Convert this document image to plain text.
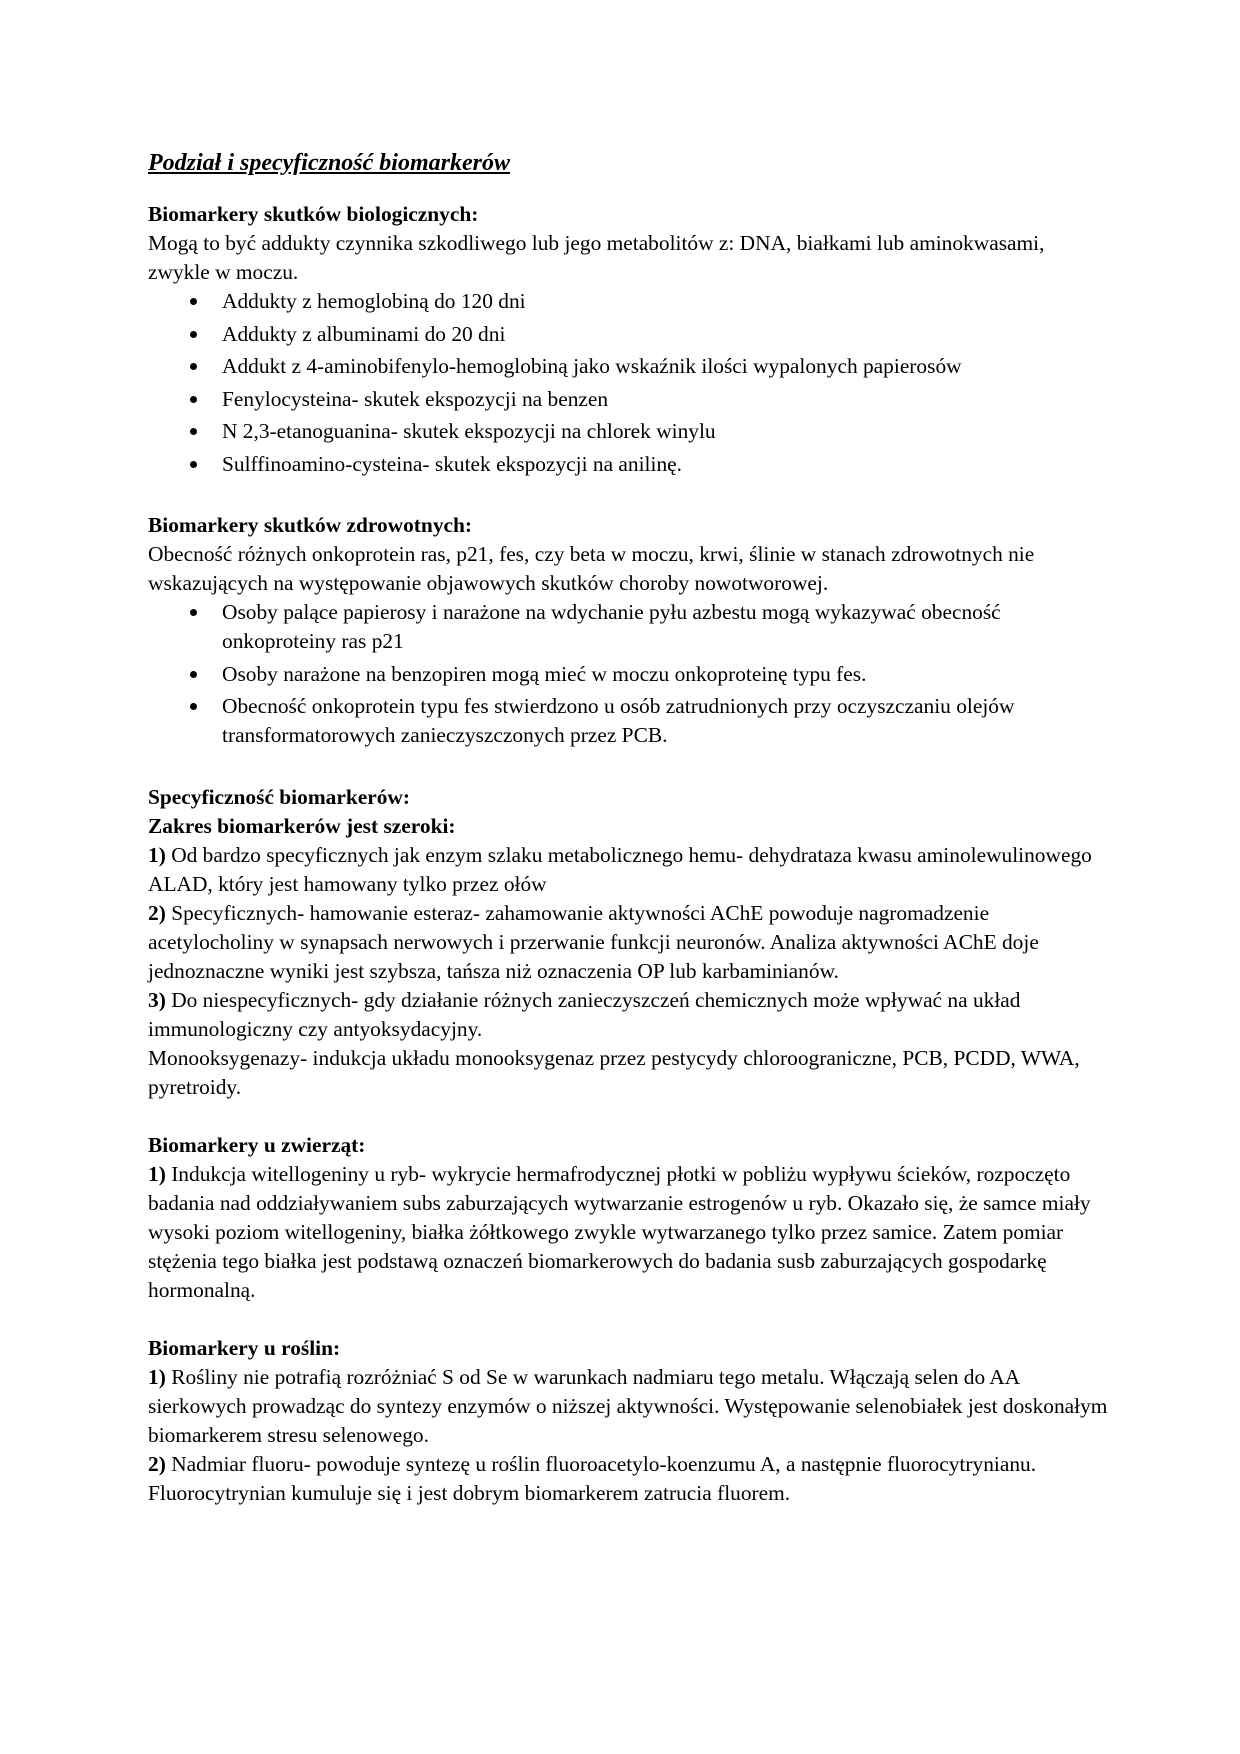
Podział i specyficzność biomarkerów

Biomarkery skutków biologicznych:

Mogą to być addukty czynnika szkodliwego lub jego metabolitów z: DNA, białkami lub aminokwasami, zwykle w moczu.

Addukty z hemoglobiną do 120 dni
Addukty z albuminami do 20 dni
Addukt z 4-aminobifenylo-hemoglobiną jako wskaźnik ilości wypalonych papierosów
Fenylocysteina- skutek ekspozycji na benzen
N 2,3-etanoguanina- skutek ekspozycji na chlorek winylu
Sulffinoamino-cysteina- skutek ekspozycji na anilinę.

Biomarkery skutków zdrowotnych:

Obecność różnych onkoprotein ras, p21, fes, czy beta w moczu, krwi, ślinie w stanach zdrowotnych nie wskazujących na występowanie objawowych skutków choroby nowotworowej.

Osoby palące papierosy i narażone na wdychanie pyłu azbestu mogą wykazywać obecność onkoproteiny ras p21
Osoby narażone na benzopiren mogą mieć w moczu onkoproteinę typu fes.
Obecność onkoprotein typu fes stwierdzono u osób zatrudnionych przy oczyszczaniu olejów transformatorowych zanieczyszczonych przez PCB.

Specyficzność biomarkerów:

Zakres biomarkerów jest szeroki:

1) Od bardzo specyficznych jak enzym szlaku metabolicznego hemu- dehydrataza kwasu aminolewulinowego ALAD, który jest hamowany tylko przez ołów

2) Specyficznych- hamowanie esteraz- zahamowanie aktywności AChE powoduje nagromadzenie acetylocholiny w synapsach nerwowych i przerwanie funkcji neuronów. Analiza aktywności AChE doje jednoznaczne wyniki jest szybsza, tańsza niż oznaczenia OP lub karbaminianów.

3) Do niespecyficznych- gdy działanie różnych zanieczyszczeń chemicznych może wpływać na układ immunologiczny czy antyoksydacyjny.

Monooksygenazy- indukcja układu monooksygenaz przez pestycydy chloroograniczne, PCB, PCDD, WWA, pyretroidy.

Biomarkery u zwierząt:

1) Indukcja witellogeniny u ryb- wykrycie hermafrodycznej płotki w pobliżu wypływu ścieków, rozpoczęto badania nad oddziaływaniem subs zaburzających wytwarzanie estrogenów u ryb. Okazało się, że samce miały wysoki poziom witellogeniny, białka żółtkowego zwykle wytwarzanego tylko przez samice. Zatem pomiar stężenia tego białka jest podstawą oznaczeń biomarkerowych do badania susb zaburzających gospodarkę hormonalną.

Biomarkery u roślin:

1) Rośliny nie potrafią rozróżniać S od Se w warunkach nadmiaru tego metalu. Włączają selen do AA sierkowych prowadząc do syntezy enzymów o niższej aktywności. Występowanie selenobiałek jest doskonałym biomarkerem stresu selenowego.

2) Nadmiar fluoru- powoduje syntezę u roślin fluoroacetylo-koenzumu A, a następnie fluorocytrynianu. Fluorocytrynian kumuluje się i jest dobrym biomarkerem zatrucia fluorem.
